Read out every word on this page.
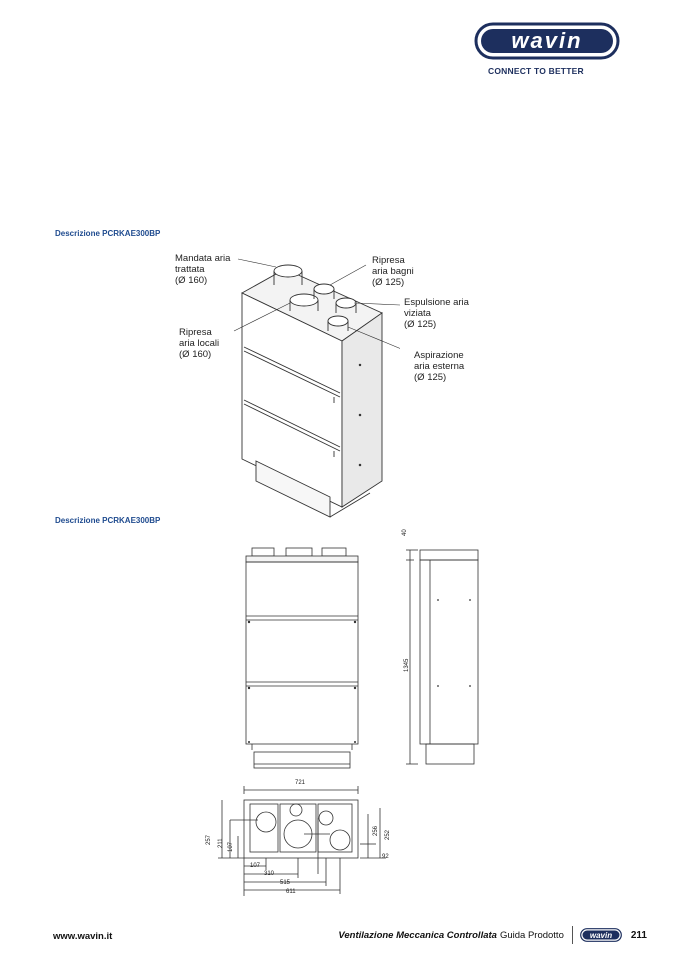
wavin
CONNECT TO BETTER
Descrizione PCRKAE300BP
Mandata aria
trattata
(Ø 160)
Ripresa
aria bagni
(Ø 125)
Espulsione aria
viziata
(Ø 125)
Ripresa
aria locali
(Ø 160)	Aspirazione
aria esterna
(Ø 125)
Descrizione PCRKAE300BP
40
1345
721
257	211 107
256	252
92
107
310
515
611
www.wavin.it	Ventilazione Meccanica Controllata Guida Prodotto	wavin 211
